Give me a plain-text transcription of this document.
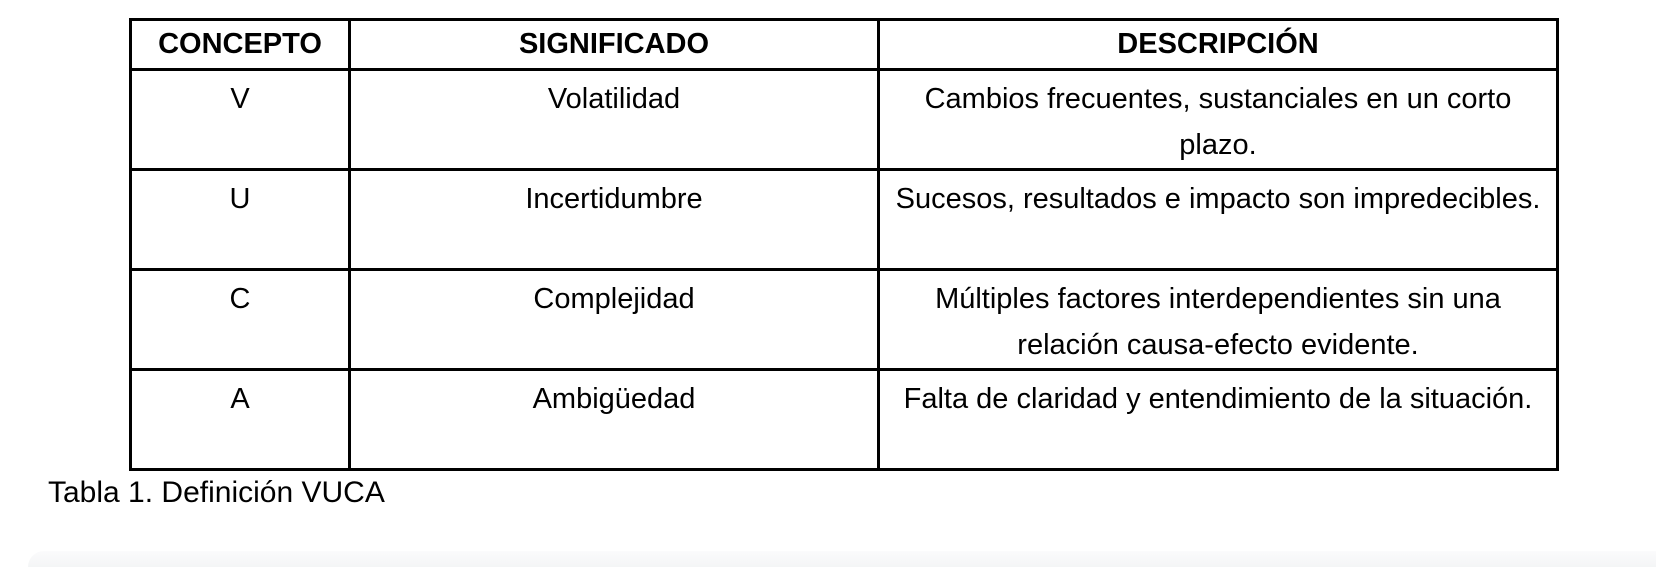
CONCEPTO	SIGNIFICADO	DESCRIPCIÓN
V	Volatilidad	Cambios frecuentes, sustanciales en un corto plazo.
U	Incertidumbre	Sucesos, resultados e impacto son impredecibles.
C	Complejidad	Múltiples factores interdependientes sin una relación causa-efecto evidente.
A	Ambigüedad	Falta de claridad y entendimiento de la situación.
Tabla 1. Definición VUCA
